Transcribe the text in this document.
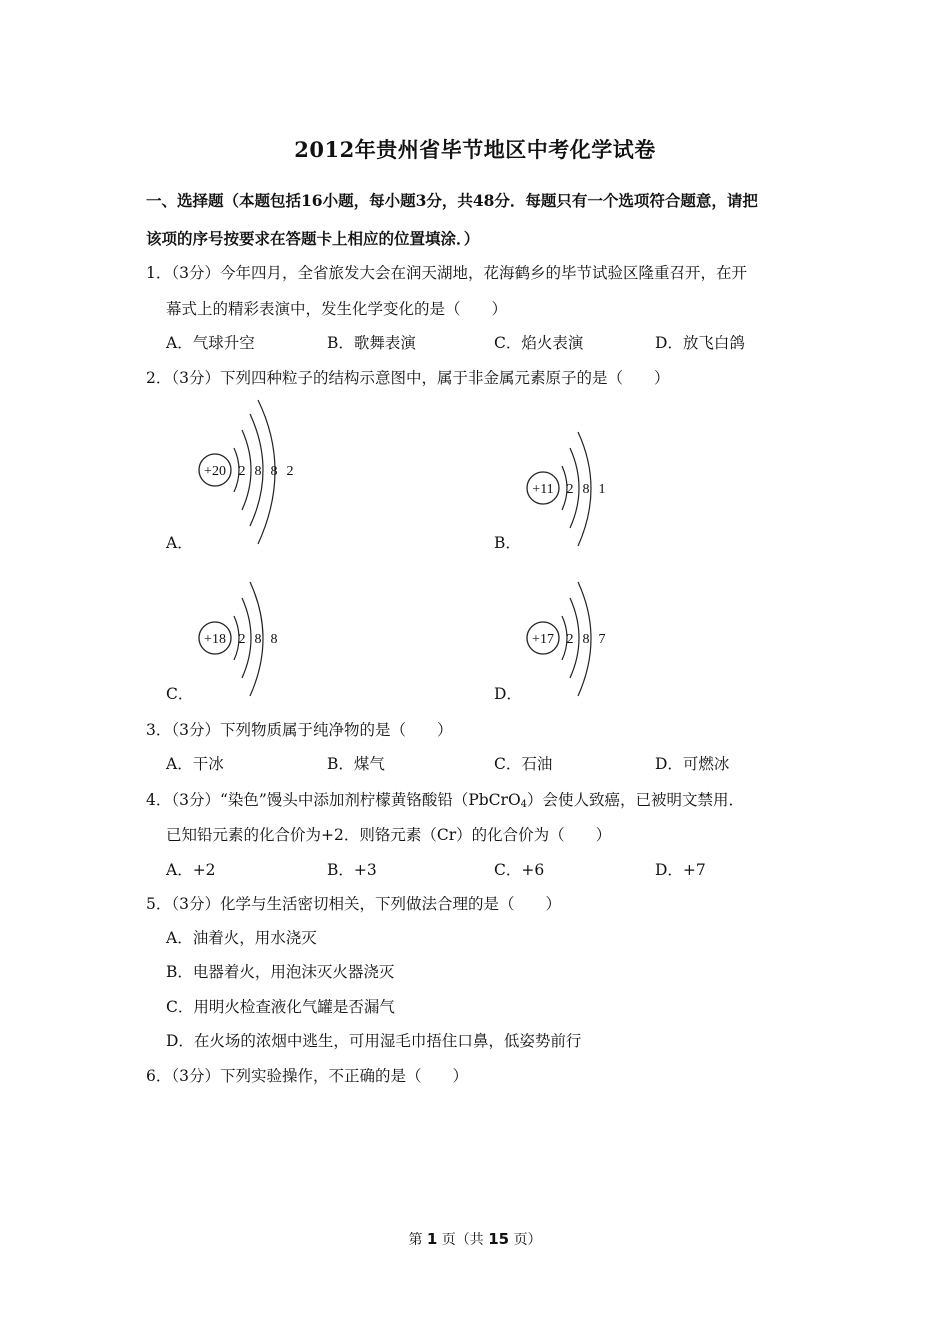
2012年贵州省毕节地区中考化学试卷
一、选择题（本题包括16小题，每小题3分，共48分．每题只有一个选项符合题意，请把
该项的序号按要求在答题卡上相应的位置填涂．）
1．（3分）今年四月，全省旅发大会在润天湖地，花海鹤乡的毕节试验区隆重召开，在开
幕式上的精彩表演中，发生化学变化的是（　　）
A．气球升空	B．歌舞表演	C．焰火表演	D．放飞白鸽
2．（3分）下列四种粒子的结构示意图中，属于非金属元素原子的是（　　）
+20 2 8 8 2
A．
+11 2 8 1
B．
+18 2 8 8
C．
+17 2 8 7
D．
3．（3分）下列物质属于纯净物的是（　　）
A．干冰	B．煤气	C．石油	D．可燃冰
4．（3分）“染色”馒头中添加剂柠檬黄铬酸铅（PbCrO$_4$）会使人致癌，已被明文禁用．
已知铅元素的化合价为+2．则铬元素（Cr）的化合价为（　　）
A．+2	B．+3	C．+6	D．+7
5．（3分）化学与生活密切相关，下列做法合理的是（　　）
A．油着火，用水浇灭
B．电器着火，用泡沫灭火器浇灭
C．用明火检查液化气罐是否漏气
D．在火场的浓烟中逃生，可用湿毛巾捂住口鼻，低姿势前行
6．（3分）下列实验操作，不正确的是（　　）
第 1 页（共 15 页）
